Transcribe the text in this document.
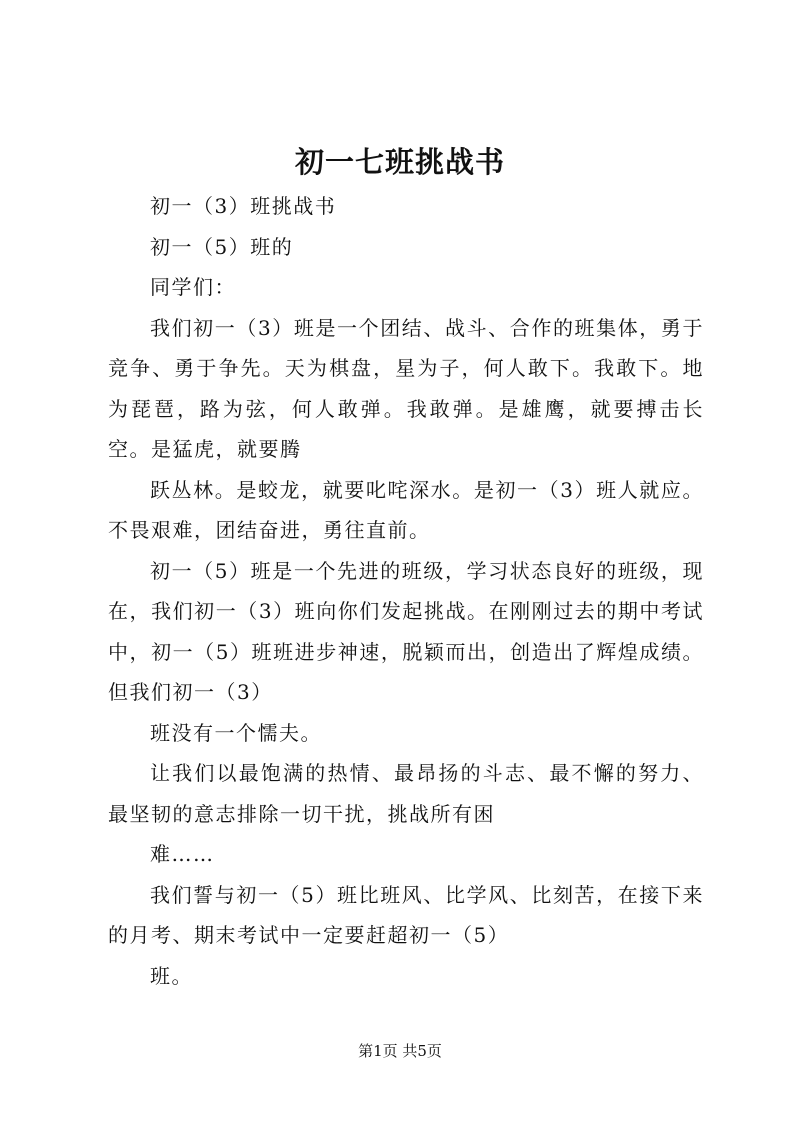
初一七班挑战书

初一（3）班挑战书

初一（5）班的

同学们：

我们初一（3）班是一个团结、战斗、合作的班集体，勇于竞争、勇于争先。天为棋盘，星为子，何人敢下。我敢下。地为琵琶，路为弦，何人敢弹。我敢弹。是雄鹰，就要搏击长空。是猛虎，就要腾

跃丛林。是蛟龙，就要叱咤深水。是初一（3）班人就应。不畏艰难，团结奋进，勇往直前。

初一（5）班是一个先进的班级，学习状态良好的班级，现在，我们初一（3）班向你们发起挑战。在刚刚过去的期中考试中，初一（5）班班进步神速，脱颖而出，创造出了辉煌成绩。但我们初一（3）

班没有一个懦夫。

让我们以最饱满的热情、最昂扬的斗志、最不懈的努力、最坚韧的意志排除一切干扰，挑战所有困

难……

我们誓与初一（5）班比班风、比学风、比刻苦，在接下来的月考、期末考试中一定要赶超初一（5）

班。

第1页 共5页
